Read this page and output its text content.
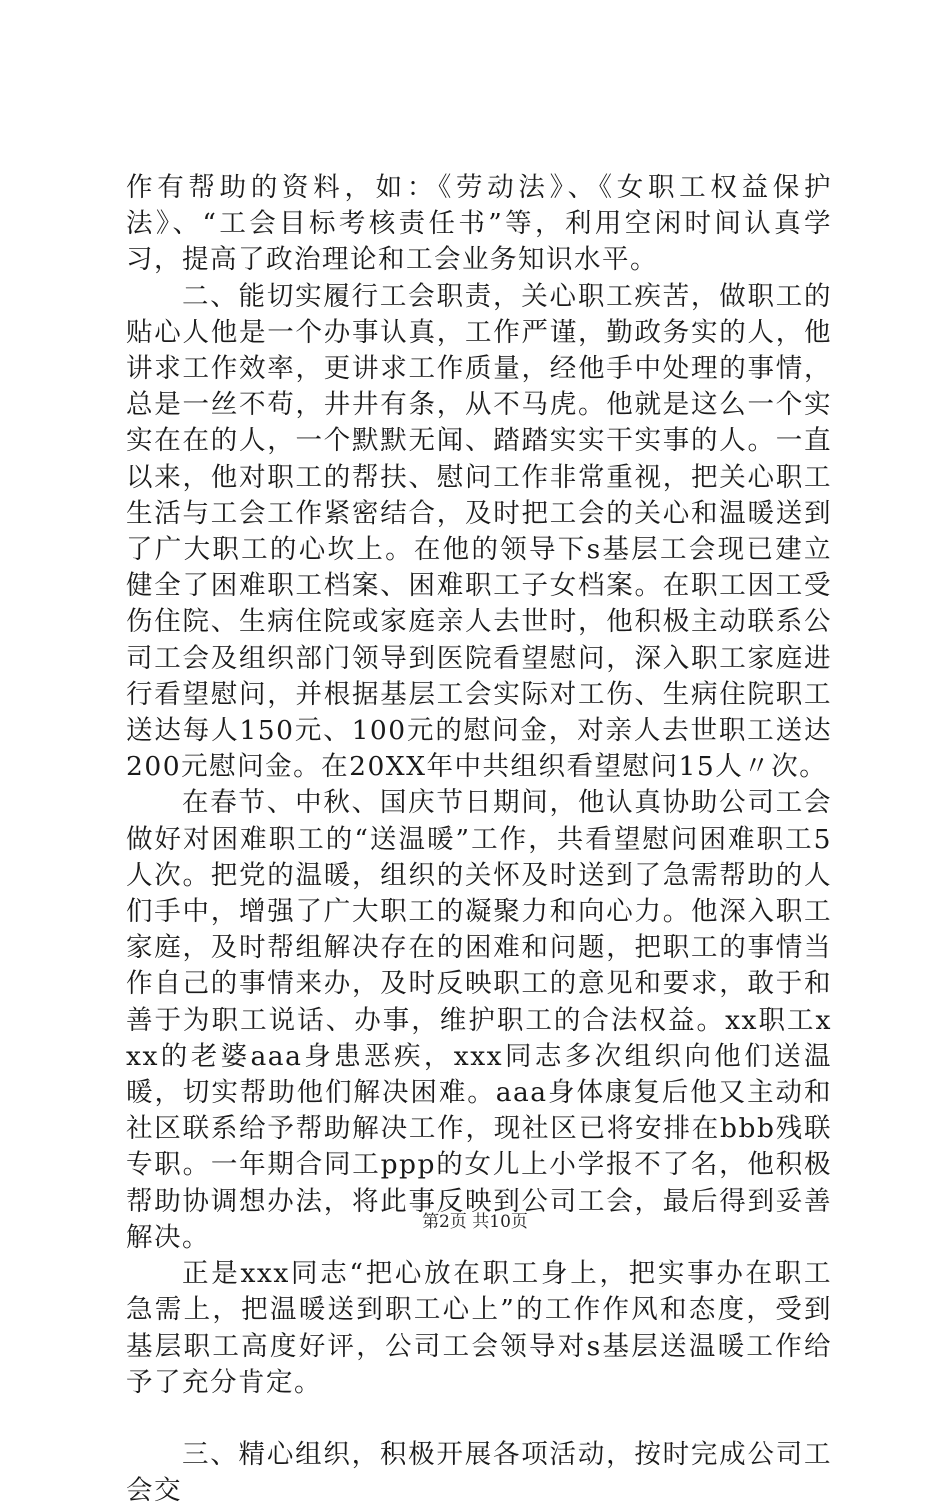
作有帮助的资料，如：《劳动法》、《女职工权益保护法》、“工会目标考核责任书”等，利用空闲时间认真学习，提高了政治理论和工会业务知识水平。

二、能切实履行工会职责，关心职工疾苦，做职工的贴心人他是一个办事认真，工作严谨，勤政务实的人，他讲求工作效率，更讲求工作质量，经他手中处理的事情，总是一丝不苟，井井有条，从不马虎。他就是这么一个实实在在的人，一个默默无闻、踏踏实实干实事的人。一直以来，他对职工的帮扶、慰问工作非常重视，把关心职工生活与工会工作紧密结合，及时把工会的关心和温暖送到了广大职工的心坎上。在他的领导下s基层工会现已建立健全了困难职工档案、困难职工子女档案。在职工因工受伤住院、生病住院或家庭亲人去世时，他积极主动联系公司工会及组织部门领导到医院看望慰问，深入职工家庭进行看望慰问，并根据基层工会实际对工伤、生病住院职工送达每人150元、100元的慰问金，对亲人去世职工送达200元慰问金。在20XX年中共组织看望慰问15人〃次。

在春节、中秋、国庆节日期间，他认真协助公司工会做好对困难职工的“送温暖”工作，共看望慰问困难职工5人次。把党的温暖，组织的关怀及时送到了急需帮助的人们手中，增强了广大职工的凝聚力和向心力。他深入职工家庭，及时帮组解决存在的困难和问题，把职工的事情当作自己的事情来办，及时反映职工的意见和要求，敢于和善于为职工说话、办事，维护职工的合法权益。xx职工xxx的老婆aaa身患恶疾，xxx同志多次组织向他们送温暖，切实帮助他们解决困难。aaa身体康复后他又主动和社区联系给予帮助解决工作，现社区已将安排在bbb残联专职。一年期合同工ppp的女儿上小学报不了名，他积极帮助协调想办法，将此事反映到公司工会，最后得到妥善解决。

正是xxx同志“把心放在职工身上，把实事办在职工急需上，把温暖送到职工心上”的工作作风和态度，受到基层职工高度好评，公司工会领导对s基层送温暖工作给予了充分肯定。

三、精心组织，积极开展各项活动，按时完成公司工会交

第2页 共10页
